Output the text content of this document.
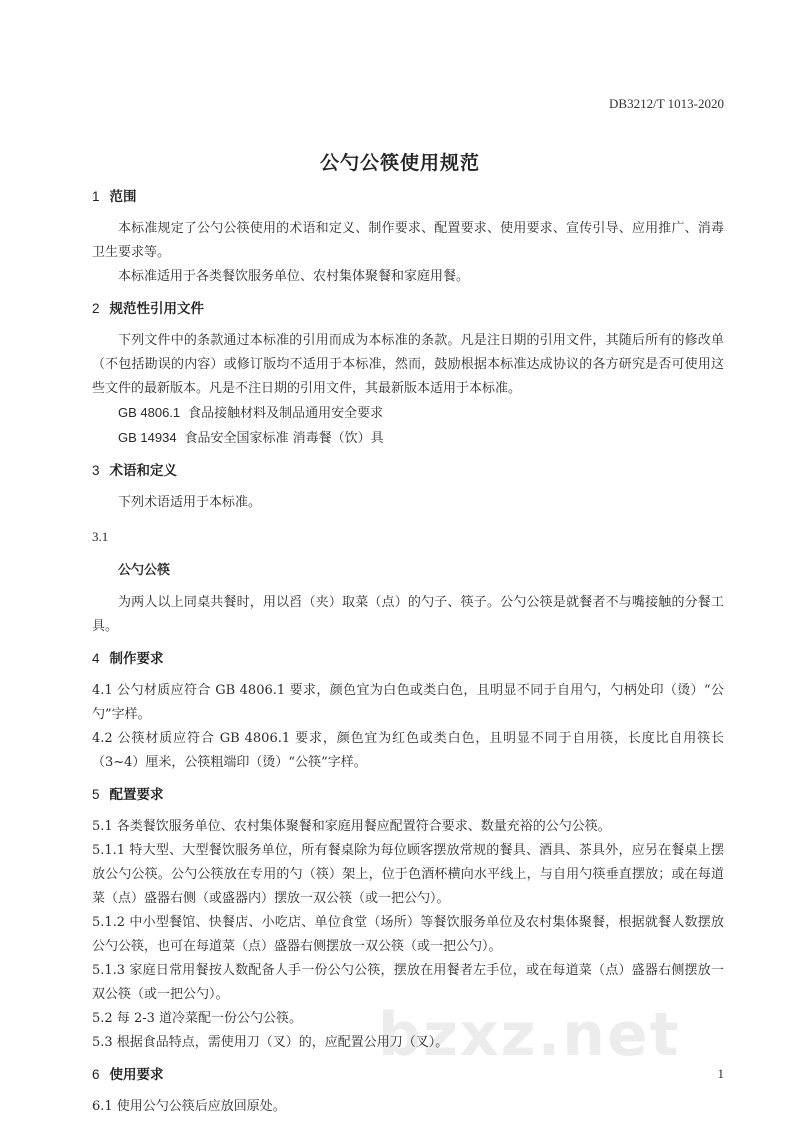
DB3212/T 1013-2020
公勺公筷使用规范
1 范围
本标准规定了公勺公筷使用的术语和定义、制作要求、配置要求、使用要求、宣传引导、应用推广、消毒卫生要求等。
本标准适用于各类餐饮服务单位、农村集体聚餐和家庭用餐。
2 规范性引用文件
下列文件中的条款通过本标准的引用而成为本标准的条款。凡是注日期的引用文件，其随后所有的修改单（不包括勘误的内容）或修订版均不适用于本标准，然而，鼓励根据本标准达成协议的各方研究是否可使用这些文件的最新版本。凡是不注日期的引用文件，其最新版本适用于本标准。
GB 4806.1 食品接触材料及制品通用安全要求
GB 14934 食品安全国家标准 消毒餐（饮）具
3 术语和定义
下列术语适用于本标准。
3.1
公勺公筷
为两人以上同桌共餐时，用以舀（夹）取菜（点）的勺子、筷子。公勺公筷是就餐者不与嘴接触的分餐工具。
4 制作要求
4.1 公勺材质应符合 GB 4806.1 要求，颜色宜为白色或类白色，且明显不同于自用勺，勺柄处印（烫）“公勺”字样。
4.2 公筷材质应符合 GB 4806.1 要求，颜色宜为红色或类白色，且明显不同于自用筷，长度比自用筷长（3~4）厘米，公筷粗端印（烫）“公筷”字样。
5 配置要求
5.1 各类餐饮服务单位、农村集体聚餐和家庭用餐应配置符合要求、数量充裕的公勺公筷。
5.1.1 特大型、大型餐饮服务单位，所有餐桌除为每位顾客摆放常规的餐具、酒具、茶具外，应另在餐桌上摆放公勺公筷。公勺公筷放在专用的勺（筷）架上，位于色酒杯横向水平线上，与自用勺筷垂直摆放；或在每道菜（点）盛器右侧（或盛器内）摆放一双公筷（或一把公勺）。
5.1.2 中小型餐馆、快餐店、小吃店、单位食堂（场所）等餐饮服务单位及农村集体聚餐，根据就餐人数摆放公勺公筷，也可在每道菜（点）盛器右侧摆放一双公筷（或一把公勺）。
5.1.3 家庭日常用餐按人数配备人手一份公勺公筷，摆放在用餐者左手位，或在每道菜（点）盛器右侧摆放一双公筷（或一把公勺）。
5.2 每 2-3 道冷菜配一份公勺公筷。
5.3 根据食品特点，需使用刀（叉）的，应配置公用刀（叉）。
6 使用要求
6.1 使用公勺公筷后应放回原处。
bzxz.net
1
